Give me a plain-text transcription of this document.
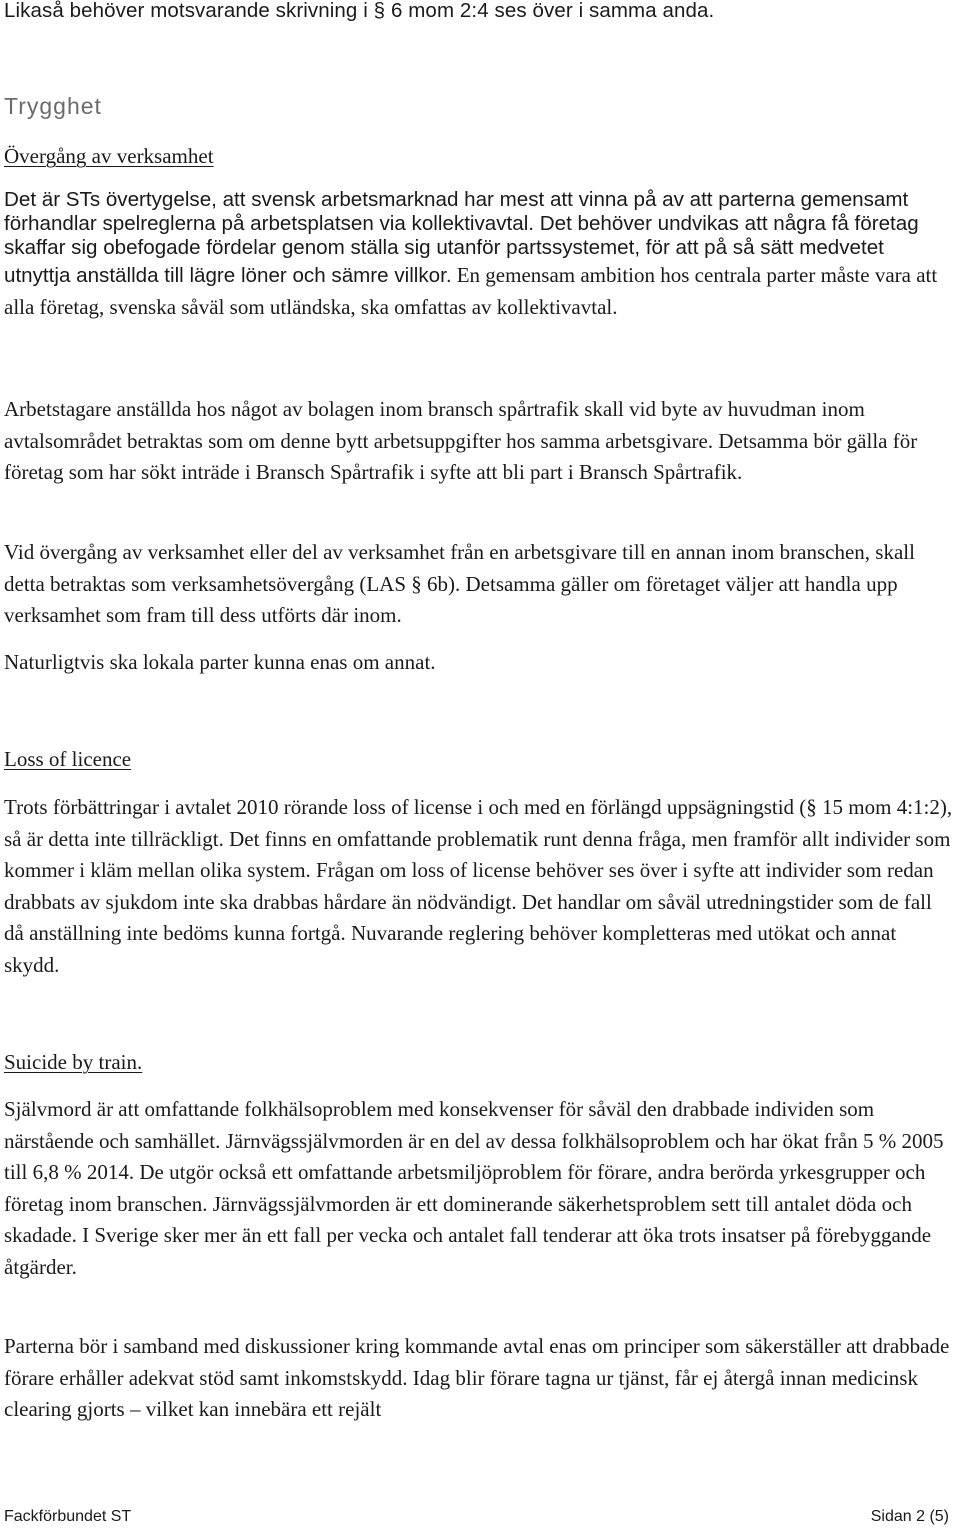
Likaså behöver motsvarande skrivning i § 6 mom 2:4 ses över i samma anda.

Trygghet
Övergång av verksamhet

Det är STs övertygelse, att svensk arbetsmarknad har mest att vinna på av att parterna gemensamt förhandlar spelreglerna på arbetsplatsen via kollektivavtal. Det behöver undvikas att några få företag skaffar sig obefogade fördelar genom ställa sig utanför partssystemet, för att på så sätt medvetet utnyttja anställda till lägre löner och sämre villkor. En gemensam ambition hos centrala parter måste vara att alla företag, svenska såväl som utländska, ska omfattas av kollektivavtal.

Arbetstagare anställda hos något av bolagen inom bransch spårtrafik skall vid byte av huvudman inom avtalsområdet betraktas som om denne bytt arbetsuppgifter hos samma arbetsgivare. Detsamma bör gälla för företag som har sökt inträde i Bransch Spårtrafik i syfte att bli part i Bransch Spårtrafik.

Vid övergång av verksamhet eller del av verksamhet från en arbetsgivare till en annan inom branschen, skall detta betraktas som verksamhetsövergång (LAS § 6b). Detsamma gäller om företaget väljer att handla upp verksamhet som fram till dess utförts där inom.

Naturligtvis ska lokala parter kunna enas om annat.

Loss of licence

Trots förbättringar i avtalet 2010 rörande loss of license i och med en förlängd uppsägningstid (§ 15 mom 4:1:2), så är detta inte tillräckligt. Det finns en omfattande problematik runt denna fråga, men framför allt individer som kommer i kläm mellan olika system. Frågan om loss of license behöver ses över i syfte att individer som redan drabbats av sjukdom inte ska drabbas hårdare än nödvändigt. Det handlar om såväl utredningstider som de fall då anställning inte bedöms kunna fortgå. Nuvarande reglering behöver kompletteras med utökat och annat skydd.

Suicide by train.

Självmord är att omfattande folkhälsoproblem med konsekvenser för såväl den drabbade individen som närstående och samhället. Järnvägssjälvmorden är en del av dessa folkhälsoproblem och har ökat från 5 % 2005 till 6,8 % 2014. De utgör också ett omfattande arbetsmiljöproblem för förare, andra berörda yrkesgrupper och företag inom branschen. Järnvägssjälvmorden är ett dominerande säkerhetsproblem sett till antalet döda och skadade. I Sverige sker mer än ett fall per vecka och antalet fall tenderar att öka trots insatser på förebyggande åtgärder.

Parterna bör i samband med diskussioner kring kommande avtal enas om principer som säkerställer att drabbade förare erhåller adekvat stöd samt inkomstskydd. Idag blir förare tagna ur tjänst, får ej återgå innan medicinsk clearing gjorts – vilket kan innebära ett rejält

Fackförbundet ST	Sidan 2 (5)
